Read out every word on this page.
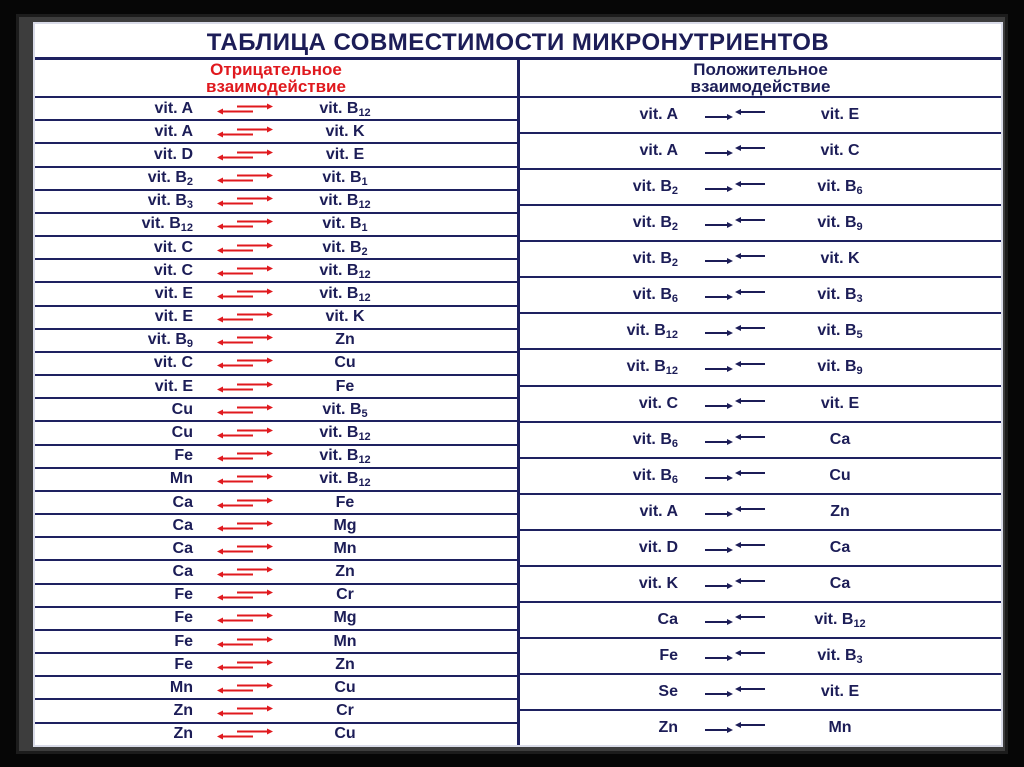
ТАБЛИЦА СОВМЕСТИМОСТИ МИКРОНУТРИЕНТОВ
Отрицательное
взаимодействие
vit. A	vit. $B_{12}$
vit. A	vit. K
vit. D	vit. E
vit. $B_2$	vit. $B_1$
vit. $B_3$	vit. $B_{12}$
vit. $B_{12}$	vit. $B_1$
vit. C	vit. $B_2$
vit. C	vit. $B_{12}$
vit. E	vit. $B_{12}$
vit. E	vit. K
vit. $B_9$	Zn
vit. C	Cu
vit. E	Fe
Cu	vit. $B_5$
Cu	vit. $B_{12}$
Fe	vit. $B_{12}$
Mn	vit. $B_{12}$
Ca	Fe
Ca	Mg
Ca	Mn
Ca	Zn
Fe	Cr
Fe	Mg
Fe	Mn
Fe	Zn
Mn	Cu
Zn	Cr
Zn	Cu
Положительное
взаимодействие
vit. A	vit. E
vit. A	vit. C
vit. $B_2$	vit. $B_6$
vit. $B_2$	vit. $B_9$
vit. $B_2$	vit. K
vit. $B_6$	vit. $B_3$
vit. $B_{12}$	vit. $B_5$
vit. $B_{12}$	vit. $B_9$
vit. C	vit. E
vit. $B_6$	Ca
vit. $B_6$	Cu
vit. A	Zn
vit. D	Ca
vit. K	Ca
Ca	vit. $B_{12}$
Fe	vit. $B_3$
Se	vit. E
Zn	Mn
